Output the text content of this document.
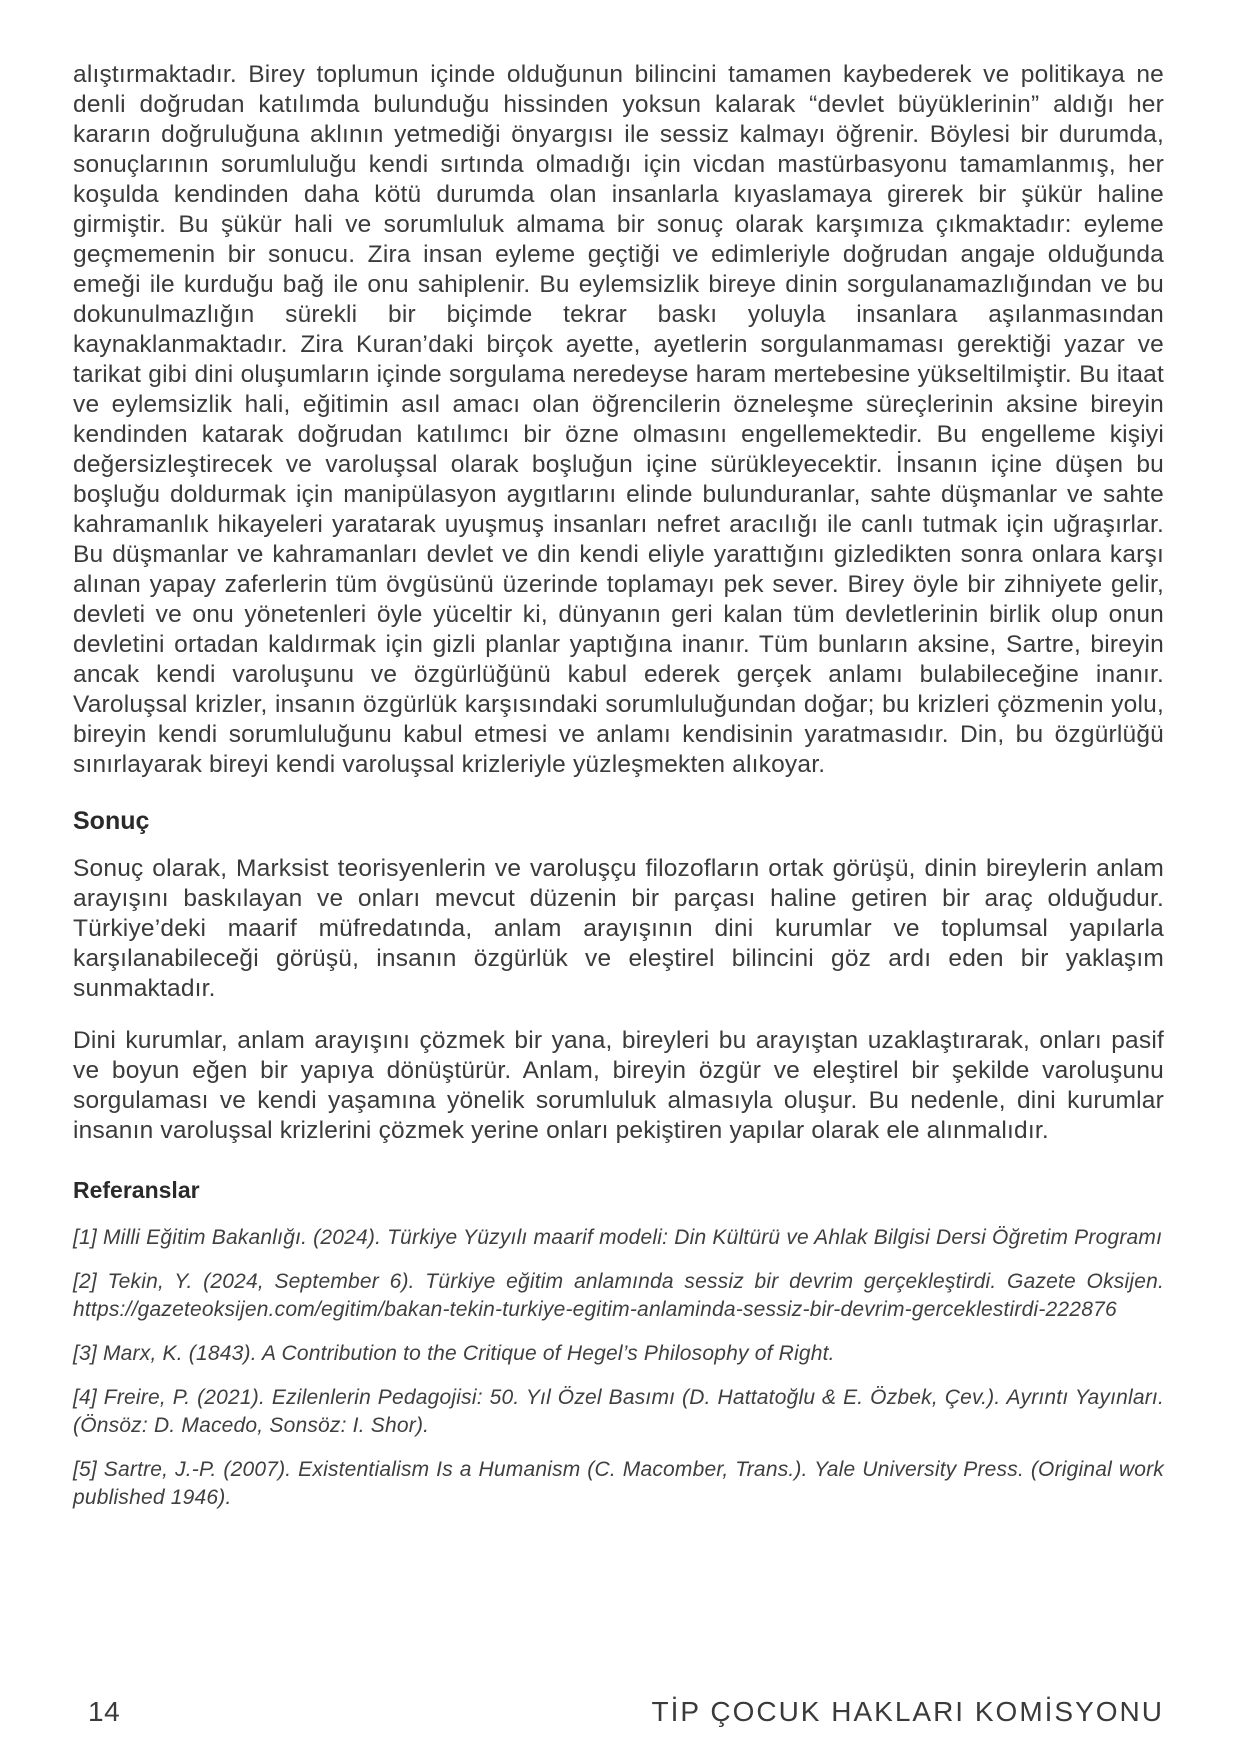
alıştırmaktadır. Birey toplumun içinde olduğunun bilincini tamamen kaybederek ve politikaya ne denli doğrudan katılımda bulunduğu hissinden yoksun kalarak “devlet büyüklerinin” aldığı her kararın doğruluğuna aklının yetmediği önyargısı ile sessiz kalmayı öğrenir. Böylesi bir durumda, sonuçlarının sorumluluğu kendi sırtında olmadığı için vicdan mastürbasyonu tamamlanmış, her koşulda kendinden daha kötü durumda olan insanlarla kıyaslamaya girerek bir şükür haline girmiştir. Bu şükür hali ve sorumluluk almama bir sonuç olarak karşımıza çıkmaktadır: eyleme geçmemenin bir sonucu. Zira insan eyleme geçtiği ve edimleriyle doğrudan angaje olduğunda emeği ile kurduğu bağ ile onu sahiplenir. Bu eylemsizlik bireye dinin sorgulanamazlığından ve bu dokunulmazlığın sürekli bir biçimde tekrar baskı yoluyla insanlara aşılanmasından kaynaklanmaktadır. Zira Kuran’daki birçok ayette, ayetlerin sorgulanmaması gerektiği yazar ve tarikat gibi dini oluşumların içinde sorgulama neredeyse haram mertebesine yükseltilmiştir. Bu itaat ve eylemsizlik hali, eğitimin asıl amacı olan öğrencilerin özneleşme süreçlerinin aksine bireyin kendinden katarak doğrudan katılımcı bir özne olmasını engellemektedir. Bu engelleme kişiyi değersizleştirecek ve varoluşsal olarak boşluğun içine sürükleyecektir. İnsanın içine düşen bu boşluğu doldurmak için manipülasyon aygıtlarını elinde bulunduranlar, sahte düşmanlar ve sahte kahramanlık hikayeleri yaratarak uyuşmuş insanları nefret aracılığı ile canlı tutmak için uğraşırlar. Bu düşmanlar ve kahramanları devlet ve din kendi eliyle yarattığını gizledikten sonra onlara karşı alınan yapay zaferlerin tüm övgüsünü üzerinde toplamayı pek sever. Birey öyle bir zihniyete gelir, devleti ve onu yönetenleri öyle yüceltir ki, dünyanın geri kalan tüm devletlerinin birlik olup onun devletini ortadan kaldırmak için gizli planlar yaptığına inanır. Tüm bunların aksine, Sartre, bireyin ancak kendi varoluşunu ve özgürlüğünü kabul ederek gerçek anlamı bulabileceğine inanır. Varoluşsal krizler, insanın özgürlük karşısındaki sorumluluğundan doğar; bu krizleri çözmenin yolu, bireyin kendi sorumluluğunu kabul etmesi ve anlamı kendisinin yaratmasıdır. Din, bu özgürlüğü sınırlayarak bireyi kendi varoluşsal krizleriyle yüzleşmekten alıkoyar.

Sonuç

Sonuç olarak, Marksist teorisyenlerin ve varoluşçu filozofların ortak görüşü, dinin bireylerin anlam arayışını baskılayan ve onları mevcut düzenin bir parçası haline getiren bir araç olduğudur. Türkiye’deki maarif müfredatında, anlam arayışının dini kurumlar ve toplumsal yapılarla karşılanabileceği görüşü, insanın özgürlük ve eleştirel bilincini göz ardı eden bir yaklaşım sunmaktadır.

Dini kurumlar, anlam arayışını çözmek bir yana, bireyleri bu arayıştan uzaklaştırarak, onları pasif ve boyun eğen bir yapıya dönüştürür. Anlam, bireyin özgür ve eleştirel bir şekilde varoluşunu sorgulaması ve kendi yaşamına yönelik sorumluluk almasıyla oluşur. Bu nedenle, dini kurumlar insanın varoluşsal krizlerini çözmek yerine onları pekiştiren yapılar olarak ele alınmalıdır.

Referanslar

[1] Milli Eğitim Bakanlığı. (2024). Türkiye Yüzyılı maarif modeli: Din Kültürü ve Ahlak Bilgisi Dersi Öğretim Programı

[2] Tekin, Y. (2024, September 6). Türkiye eğitim anlamında sessiz bir devrim gerçekleştirdi. Gazete Oksijen. https://gazeteoksijen.com/egitim/bakan-tekin-turkiye-egitim-anlaminda-sessiz-bir-devrim-gerceklestirdi-222876

[3] Marx, K. (1843). A Contribution to the Critique of Hegel’s Philosophy of Right.

[4] Freire, P. (2021). Ezilenlerin Pedagojisi: 50. Yıl Özel Basımı (D. Hattatoğlu & E. Özbek, Çev.). Ayrıntı Yayınları. (Önsöz: D. Macedo, Sonsöz: I. Shor).

[5] Sartre, J.-P. (2007). Existentialism Is a Humanism (C. Macomber, Trans.). Yale University Press. (Original work published 1946).

14	TİP ÇOCUK HAKLARI KOMİSYONU
